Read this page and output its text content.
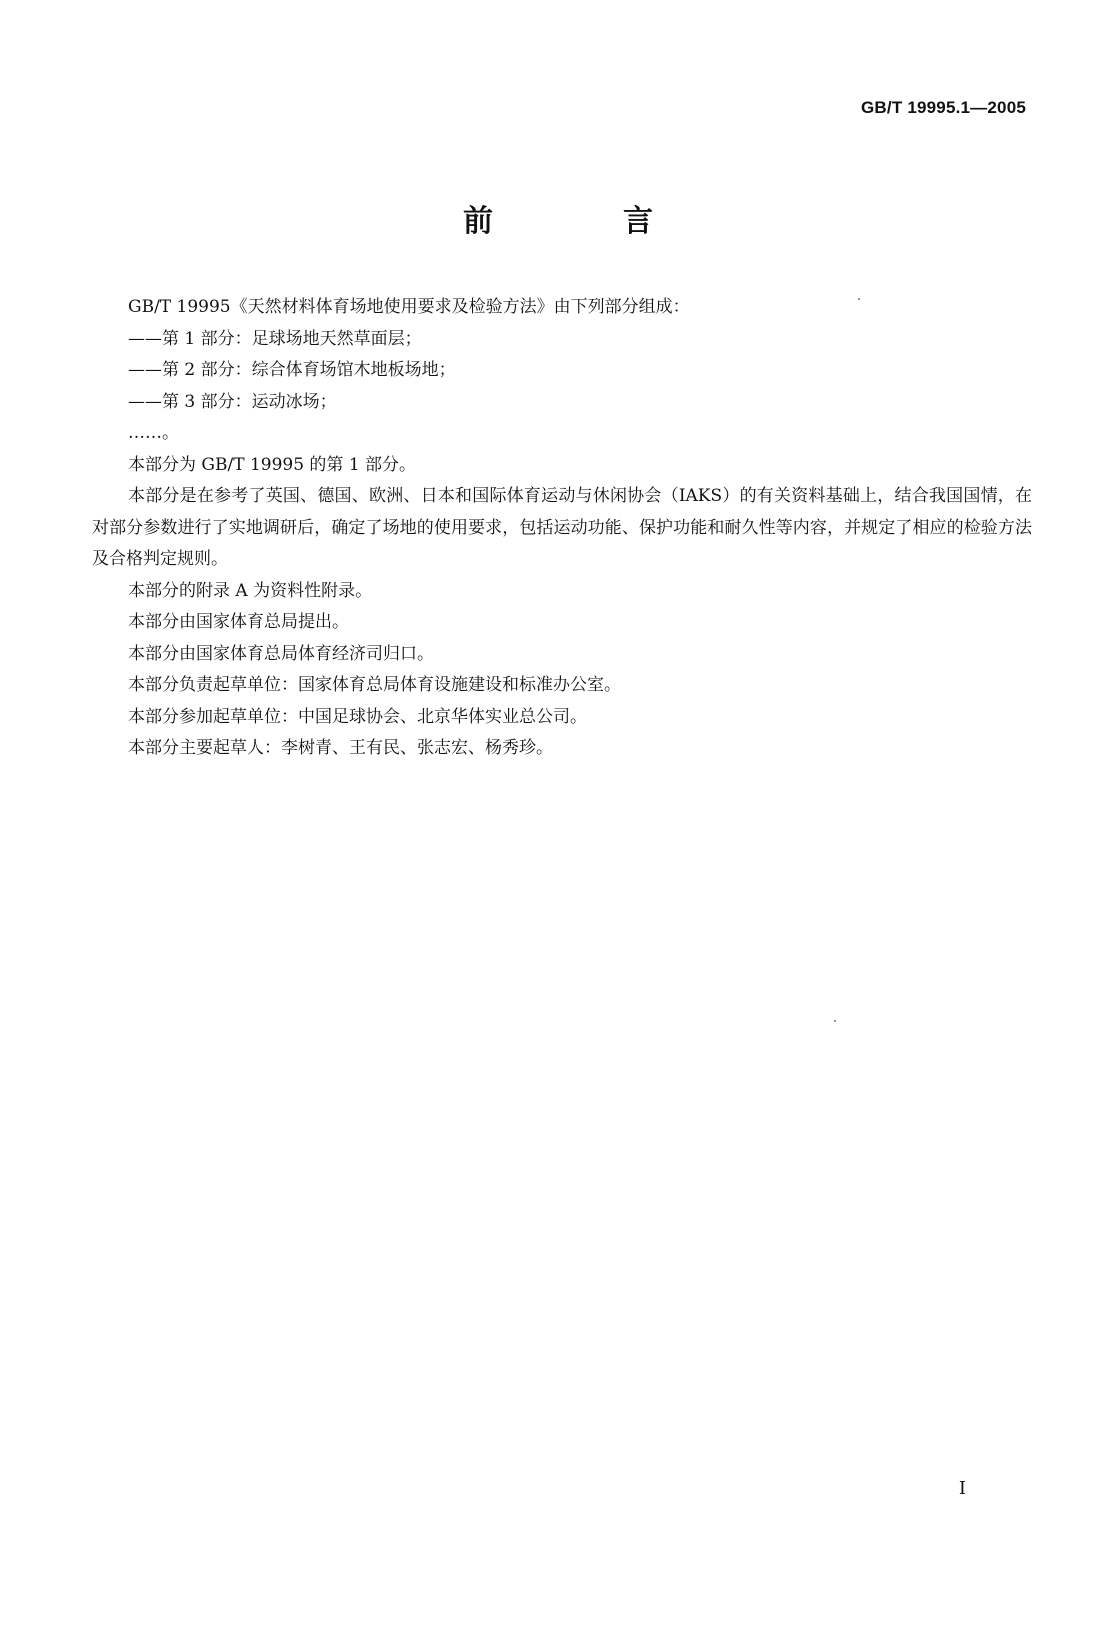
GB/T 19995.1—2005
前　言

GB/T 19995《天然材料体育场地使用要求及检验方法》由下列部分组成：

——第 1 部分：足球场地天然草面层；

——第 2 部分：综合体育场馆木地板场地；

——第 3 部分：运动冰场；

……。

本部分为 GB/T 19995 的第 1 部分。

本部分是在参考了英国、德国、欧洲、日本和国际体育运动与休闲协会（IAKS）的有关资料基础上，结合我国国情，在对部分参数进行了实地调研后，确定了场地的使用要求，包括运动功能、保护功能和耐久性等内容，并规定了相应的检验方法及合格判定规则。

本部分的附录 A 为资料性附录。

本部分由国家体育总局提出。

本部分由国家体育总局体育经济司归口。

本部分负责起草单位：国家体育总局体育设施建设和标准办公室。

本部分参加起草单位：中国足球协会、北京华体实业总公司。

本部分主要起草人：李树青、王有民、张志宏、杨秀珍。

I
